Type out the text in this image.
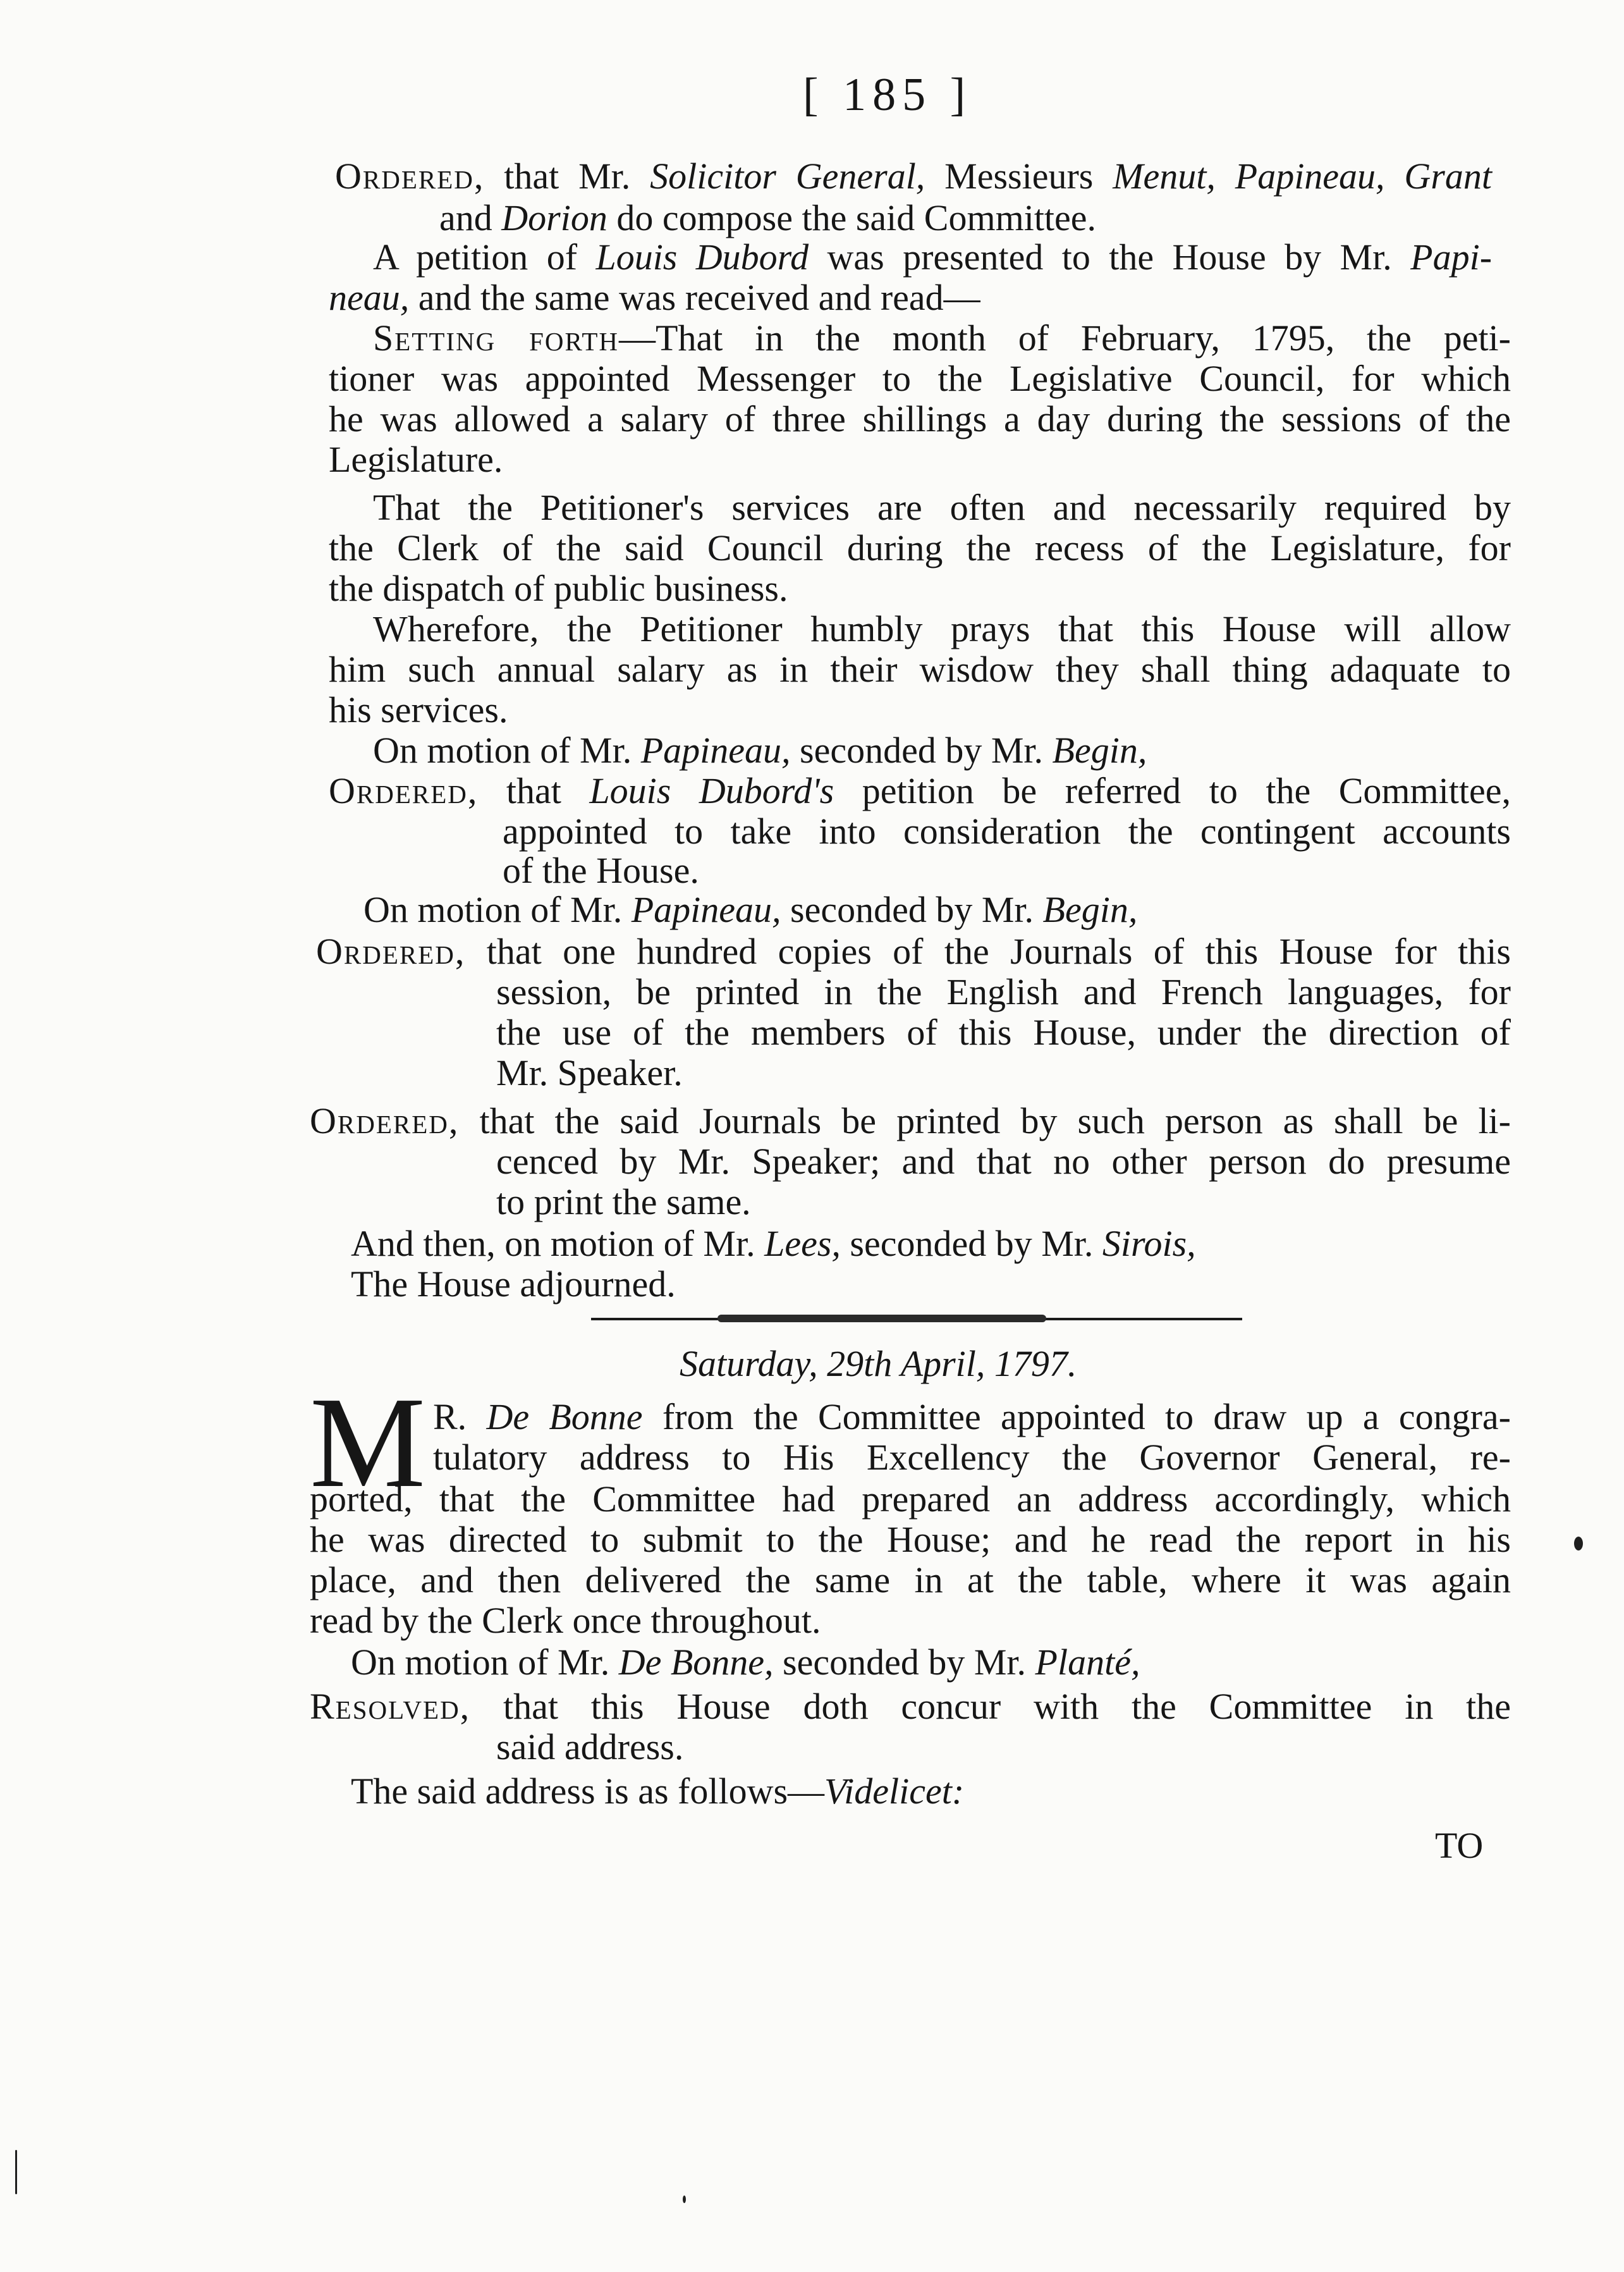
[ 185 ]
Ordered, that Mr. Solicitor General, Messieurs Menut, Papineau, Grant
and Dorion do compose the said Committee.
A petition of Louis Dubord was presented to the House by Mr. Papi-
neau, and the same was received and read—
Setting forth—That in the month of February, 1795, the peti-
tioner was appointed Messenger to the Legislative Council, for which
he was allowed a salary of three shillings a day during the sessions of the
Legislature.
That the Petitioner's services are often and necessarily required by
the Clerk of the said Council during the recess of the Legislature, for
the dispatch of public business.
Wherefore, the Petitioner humbly prays that this House will allow
him such annual salary as in their wisdow they shall thing adaquate to
his services.
On motion of Mr. Papineau, seconded by Mr. Begin,
Ordered, that Louis Dubord's petition be referred to the Committee,
appointed to take into consideration the contingent accounts
of the House.
On motion of Mr. Papineau, seconded by Mr. Begin,
Ordered, that one hundred copies of the Journals of this House for this
session, be printed in the English and French languages, for
the use of the members of this House, under the direction of
Mr. Speaker.
Ordered, that the said Journals be printed by such person as shall be li-
cenced by Mr. Speaker; and that no other person do presume
to print the same.
And then, on motion of Mr. Lees, seconded by Mr. Sirois,
The House adjourned.
Saturday, 29th April, 1797.
M R. De Bonne from the Committee appointed to draw up a congra-
tulatory address to His Excellency the Governor General, re-
ported, that the Committee had prepared an address accordingly, which
he was directed to submit to the House; and he read the report in his
place, and then delivered the same in at the table, where it was again
read by the Clerk once throughout.
On motion of Mr. De Bonne, seconded by Mr. Planté,
Resolved, that this House doth concur with the Committee in the
said address.
The said address is as follows—Videlicet:
TO
